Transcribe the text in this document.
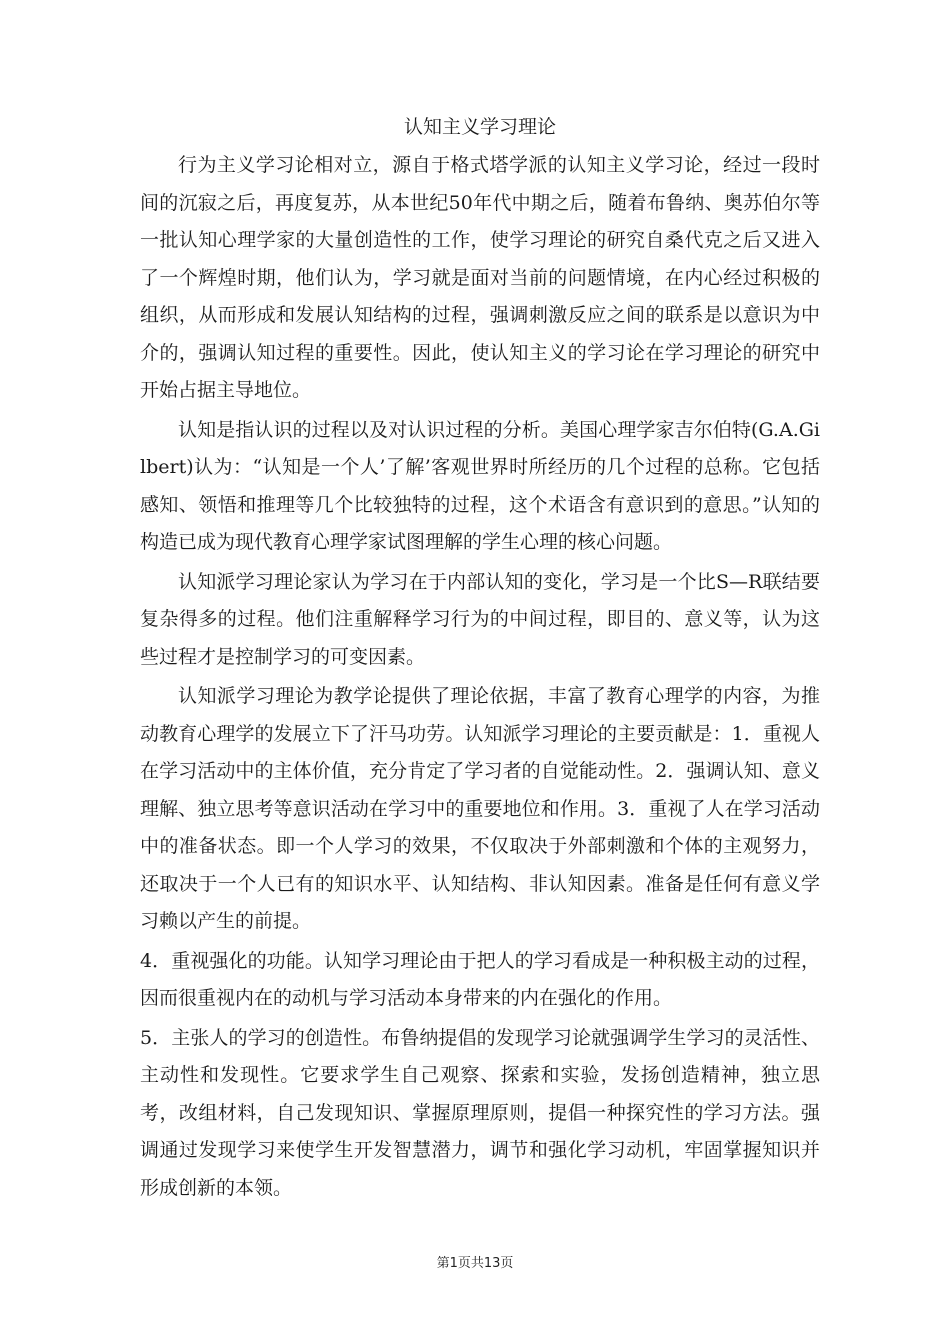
认知主义学习理论

行为主义学习论相对立，源自于格式塔学派的认知主义学习论，经过一段时间的沉寂之后，再度复苏，从本世纪50年代中期之后，随着布鲁纳、奥苏伯尔等一批认知心理学家的大量创造性的工作，使学习理论的研究自桑代克之后又进入了一个辉煌时期，他们认为，学习就是面对当前的问题情境，在内心经过积极的组织，从而形成和发展认知结构的过程，强调刺激反应之间的联系是以意识为中介的，强调认知过程的重要性。因此，使认知主义的学习论在学习理论的研究中开始占据主导地位。

认知是指认识的过程以及对认识过程的分析。美国心理学家吉尔伯特(G.A.Gilbert)认为：“认知是一个人’了解’客观世界时所经历的几个过程的总称。它包括感知、领悟和推理等几个比较独特的过程，这个术语含有意识到的意思。”认知的构造已成为现代教育心理学家试图理解的学生心理的核心问题。

认知派学习理论家认为学习在于内部认知的变化，学习是一个比S—R联结要复杂得多的过程。他们注重解释学习行为的中间过程，即目的、意义等，认为这些过程才是控制学习的可变因素。

认知派学习理论为教学论提供了理论依据，丰富了教育心理学的内容，为推动教育心理学的发展立下了汗马功劳。认知派学习理论的主要贡献是：1．重视人在学习活动中的主体价值，充分肯定了学习者的自觉能动性。2．强调认知、意义理解、独立思考等意识活动在学习中的重要地位和作用。3．重视了人在学习活动中的准备状态。即一个人学习的效果，不仅取决于外部刺激和个体的主观努力，还取决于一个人已有的知识水平、认知结构、非认知因素。准备是任何有意义学习赖以产生的前提。

4．重视强化的功能。认知学习理论由于把人的学习看成是一种积极主动的过程，因而很重视内在的动机与学习活动本身带来的内在强化的作用。

5．主张人的学习的创造性。布鲁纳提倡的发现学习论就强调学生学习的灵活性、主动性和发现性。它要求学生自己观察、探索和实验，发扬创造精神，独立思考，改组材料，自己发现知识、掌握原理原则，提倡一种探究性的学习方法。强调通过发现学习来使学生开发智慧潜力，调节和强化学习动机，牢固掌握知识并形成创新的本领。

第1页共13页
